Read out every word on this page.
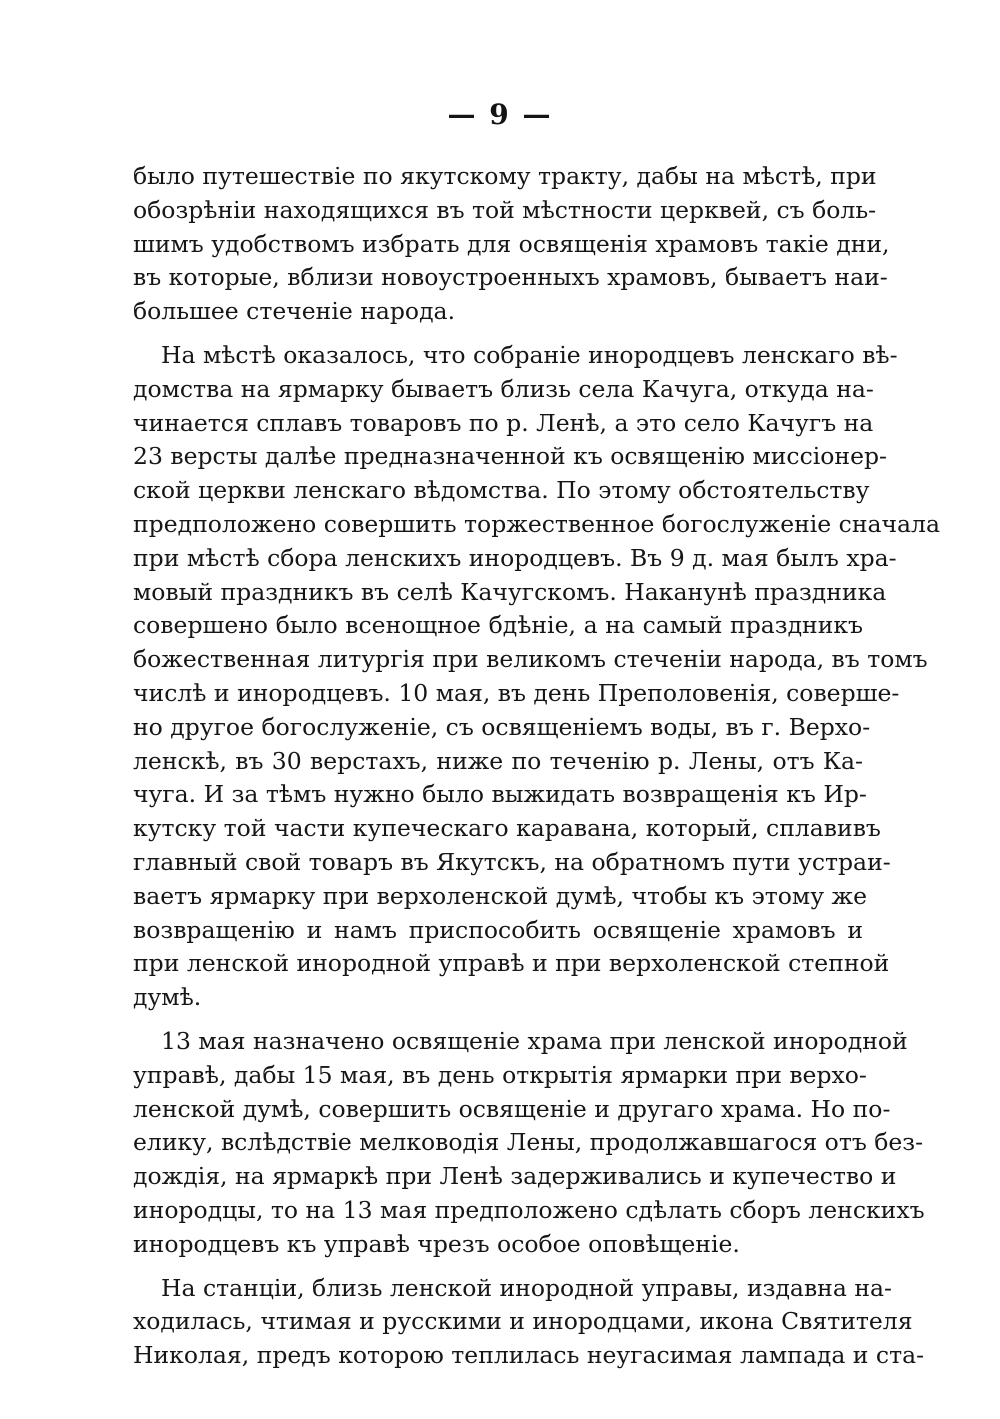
— 9 —
было путешествіе по якутскому тракту, дабы на мѣстѣ, при
обозрѣніи находящихся въ той мѣстности церквей, съ боль-
шимъ удобствомъ избрать для освященія храмовъ такіе дни,
въ которые, вблизи новоустроенныхъ храмовъ, бываетъ наи-
большее стеченіе народа.
На мѣстѣ оказалось, что собраніе инородцевъ ленскаго вѣ-
домства на ярмарку бываетъ близь села Качуга, откуда на-
чинается сплавъ товаровъ по р. Ленѣ, а это село Качугъ на
23 версты далѣе предназначенной къ освященію миссіонер-
ской церкви ленскаго вѣдомства. По этому обстоятельству
предположено совершить торжественное богослуженіе сначала
при мѣстѣ сбора ленскихъ инородцевъ. Въ 9 д. мая былъ хра-
мовый праздникъ въ селѣ Качугскомъ. Наканунѣ праздника
совершено было всенощное бдѣніе, а на самый праздникъ
божественная литургія при великомъ стеченіи народа, въ томъ
числѣ и инородцевъ. 10 мая, въ день Преполовенія, соверше-
но другое богослуженіе, съ освященіемъ воды, въ г. Верхо-
ленскѣ, въ 30 верстахъ, ниже по теченію р. Лены, отъ Ка-
чуга. И за тѣмъ нужно было выжидать возвращенія къ Ир-
кутску той части купеческаго каравана, который, сплавивъ
главный свой товаръ въ Якутскъ, на обратномъ пути устраи-
ваетъ ярмарку при верхоленской думѣ, чтобы къ этому же
возвращенію и намъ приспособить освященіе храмовъ и
при ленской инородной управѣ и при верхоленской степной
думѣ.
13 мая назначено освященіе храма при ленской инородной
управѣ, дабы 15 мая, въ день открытія ярмарки при верхо-
ленской думѣ, совершить освященіе и другаго храма. Но по-
елику, вслѣдствіе мелководія Лены, продолжавшагося отъ без-
дождія, на ярмаркѣ при Ленѣ задерживались и купечество и
инородцы, то на 13 мая предположено сдѣлать сборъ ленскихъ
инородцевъ къ управѣ чрезъ особое оповѣщеніе.
На станціи, близь ленской инородной управы, издавна на-
ходилась, чтимая и русскими и инородцами, икона Святителя
Николая, предъ которою теплилась неугасимая лампада и ста-
